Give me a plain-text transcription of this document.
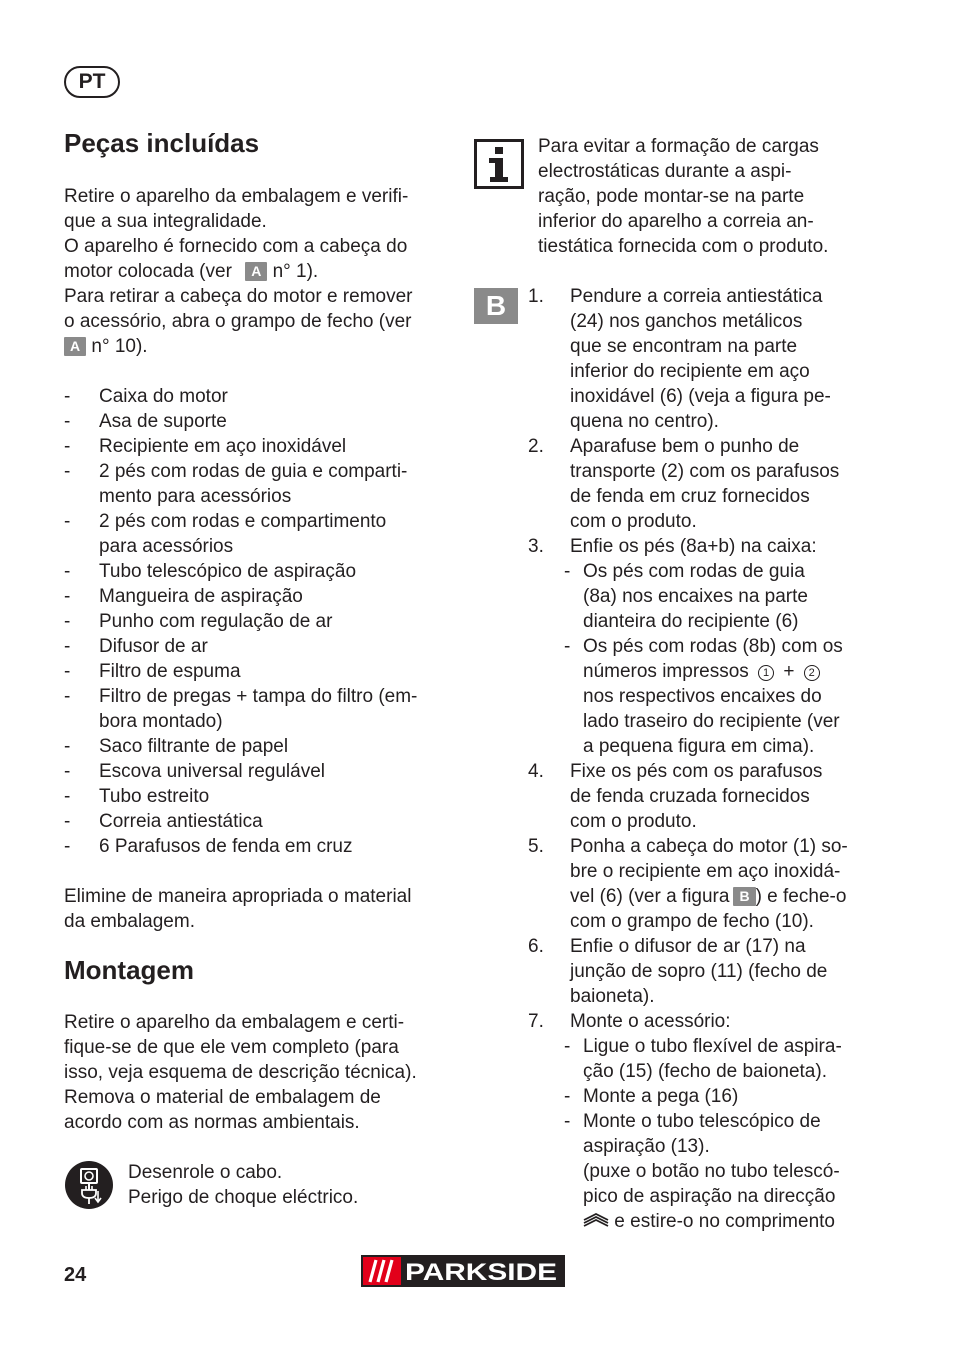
PT
Peças incluídas
Retire o aparelho da embalagem e verifi-
que a sua integralidade.
O aparelho é fornecido com a cabeça do
motor colocada (ver A n° 1).
Para retirar a cabeça do motor e remover
o acessório, abra o grampo de fecho (ver
A n° 10).
- Caixa do motor
- Asa de suporte
- Recipiente em aço inoxidável
- 2 pés com rodas de guia e comparti-
mento para acessórios
- 2 pés com rodas e compartimento
para acessórios
- Tubo telescópico de aspiração
- Mangueira de aspiração
- Punho com regulação de ar
- Difusor de ar
- Filtro de espuma
- Filtro de pregas + tampa do filtro (em-
bora montado)
- Saco filtrante de papel
- Escova universal regulável
- Tubo estreito
- Correia antiestática
- 6 Parafusos de fenda em cruz
Elimine de maneira apropriada o material
da embalagem.
Montagem
Retire o aparelho da embalagem e certi-
fique-se de que ele vem completo (para
isso, veja esquema de descrição técnica).
Remova o material de embalagem de
acordo com as normas ambientais.
Desenrole o cabo.
Perigo de choque eléctrico.
Para evitar a formação de cargas
electrostáticas durante a aspi-
ração, pode montar-se na parte
inferior do aparelho a correia an-
tiestática fornecida com o produto.
B	1. Pendure a correia antiestática
(24) nos ganchos metálicos
que se encontram na parte
inferior do recipiente em aço
inoxidável (6) (veja a figura pe-
quena no centro).
2. Aparafuse bem o punho de
transporte (2) com os parafusos
de fenda em cruz fornecidos
com o produto.
3. Enfie os pés (8a+b) na caixa:
- Os pés com rodas de guia
(8a) nos encaixes na parte
dianteira do recipiente (6)
- Os pés com rodas (8b) com os
números impressos 1 + 2
nos respectivos encaixes do
lado traseiro do recipiente (ver
a pequena figura em cima).
4. Fixe os pés com os parafusos
de fenda cruzada fornecidos
com o produto.
5. Ponha a cabeça do motor (1) so-
bre o recipiente em aço inoxidá-
vel (6) (ver a figura B ) e feche-o
com o grampo de fecho (10).
6. Enfie o difusor de ar (17) na
junção de sopro (11) (fecho de
baioneta).
7. Monte o acessório:
- Ligue o tubo flexível de aspira-
ção (15) (fecho de baioneta).
- Monte a pega (16)
- Monte o tubo telescópico de
aspiração (13).
(puxe o botão no tubo telescó-
pico de aspiração na direcção
e estire-o no comprimento
24	PARKSIDE
